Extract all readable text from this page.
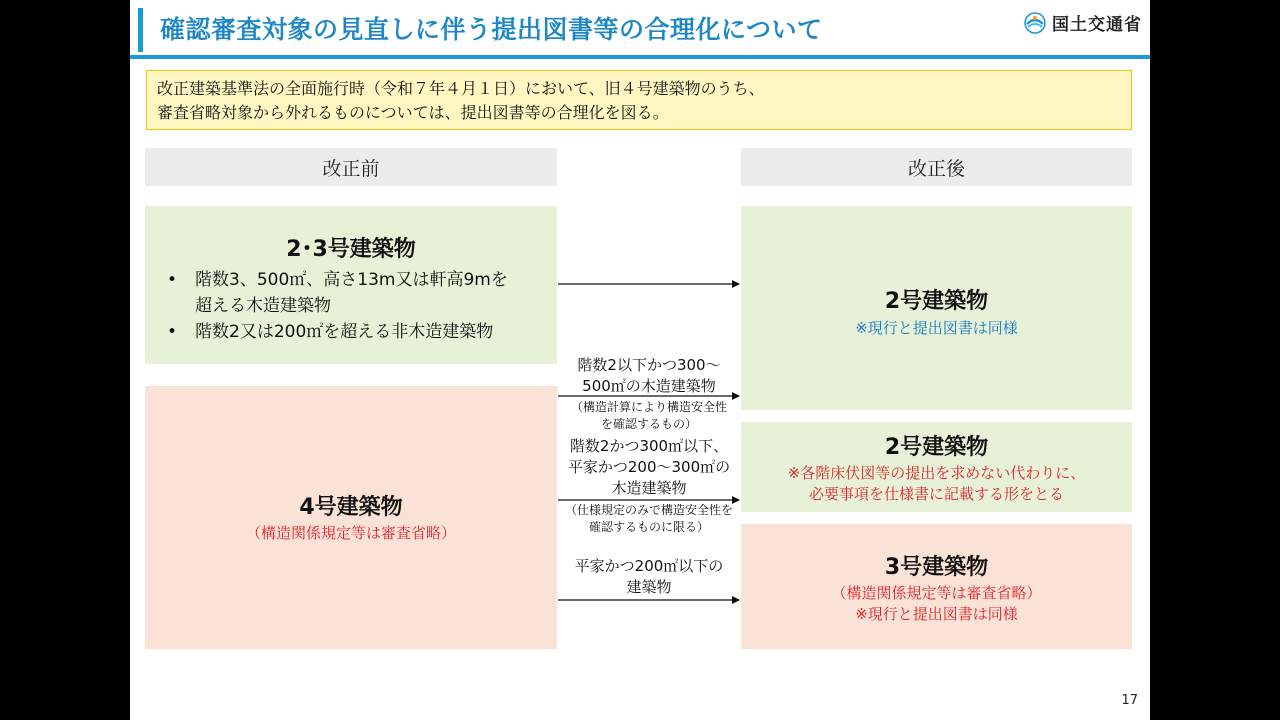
確認審査対象の見直しに伴う提出図書等の合理化について	国土交通省
改正建築基準法の全面施行時（令和７年４月１日）において、旧４号建築物のうち、
審査省略対象から外れるものについては、提出図書等の合理化を図る。
改正前	改正後
2･3号建築物
• 階数3、500㎡、高さ13m又は軒高9mを
超える木造建築物
• 階数2又は200㎡を超える非木造建築物
4号建築物
（構造関係規定等は審査省略）
2号建築物
※現行と提出図書は同様
2号建築物
※各階床伏図等の提出を求めない代わりに、
必要事項を仕様書に記載する形をとる
3号建築物
（構造関係規定等は審査省略）
※現行と提出図書は同様
階数2以下かつ300～
500㎡の木造建築物
（構造計算により構造安全性
を確認するもの）
階数2かつ300㎡以下、
平家かつ200～300㎡の
木造建築物
（仕様規定のみで構造安全性を
確認するものに限る）
平家かつ200㎡以下の
建築物
17
